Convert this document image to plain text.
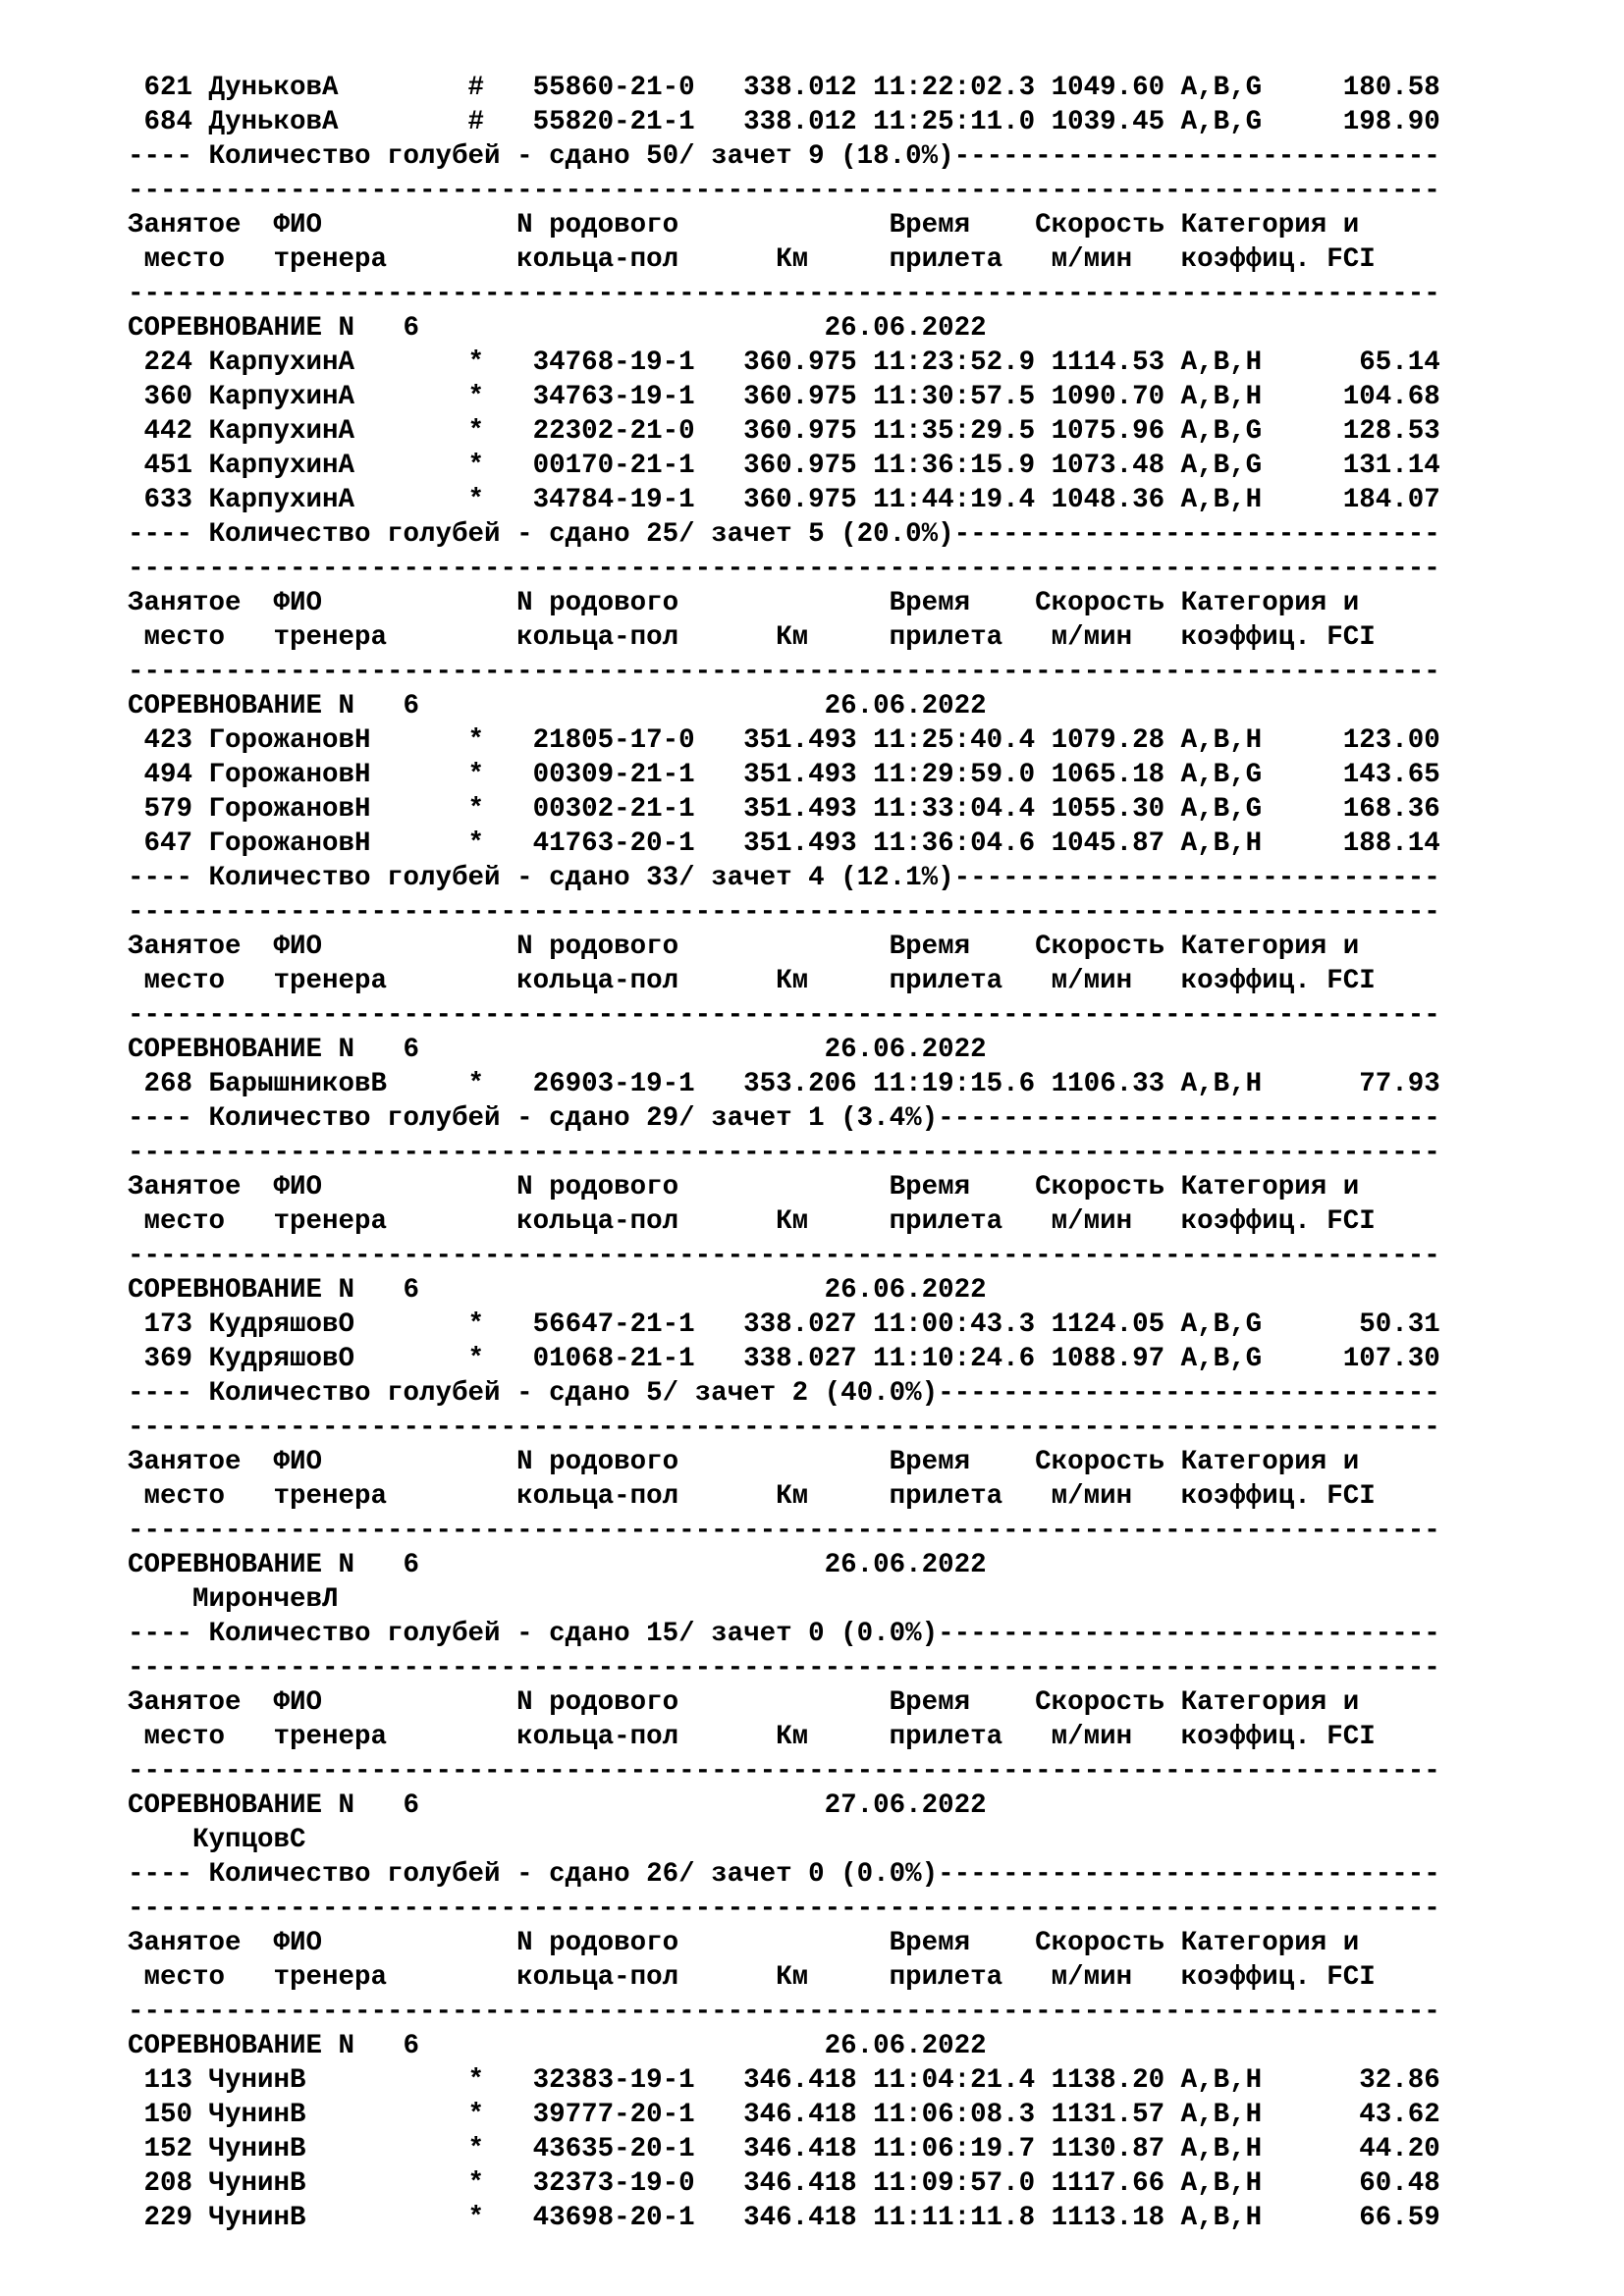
621 ДуньковА        #   55860-21-0   338.012 11:22:02.3 1049.60 A,B,G     180.58
684 ДуньковА        #   55820-21-1   338.012 11:25:11.0 1039.45 A,B,G     198.90
---- Количество голубей - сдано 50/ зачет 9 (18.0%)------------------------------
---------------------------------------------------------------------------------
Занятое  ФИО            N родового             Время    Скорость Категория и
место   тренера        кольца-пол      Км     прилета   м/мин   коэффиц. FCI
---------------------------------------------------------------------------------
СОРЕВНОВАНИЕ N   6                         26.06.2022
224 КарпухинА       *   34768-19-1   360.975 11:23:52.9 1114.53 A,B,H      65.14
360 КарпухинА       *   34763-19-1   360.975 11:30:57.5 1090.70 A,B,H     104.68
442 КарпухинА       *   22302-21-0   360.975 11:35:29.5 1075.96 A,B,G     128.53
451 КарпухинА       *   00170-21-1   360.975 11:36:15.9 1073.48 A,B,G     131.14
633 КарпухинА       *   34784-19-1   360.975 11:44:19.4 1048.36 A,B,H     184.07
---- Количество голубей - сдано 25/ зачет 5 (20.0%)------------------------------
---------------------------------------------------------------------------------
Занятое  ФИО            N родового             Время    Скорость Категория и
место   тренера        кольца-пол      Км     прилета   м/мин   коэффиц. FCI
---------------------------------------------------------------------------------
СОРЕВНОВАНИЕ N   6                         26.06.2022
423 ГорожановН      *   21805-17-0   351.493 11:25:40.4 1079.28 A,B,H     123.00
494 ГорожановН      *   00309-21-1   351.493 11:29:59.0 1065.18 A,B,G     143.65
579 ГорожановН      *   00302-21-1   351.493 11:33:04.4 1055.30 A,B,G     168.36
647 ГорожановН      *   41763-20-1   351.493 11:36:04.6 1045.87 A,B,H     188.14
---- Количество голубей - сдано 33/ зачет 4 (12.1%)------------------------------
---------------------------------------------------------------------------------
Занятое  ФИО            N родового             Время    Скорость Категория и
место   тренера        кольца-пол      Км     прилета   м/мин   коэффиц. FCI
---------------------------------------------------------------------------------
СОРЕВНОВАНИЕ N   6                         26.06.2022
268 БарышниковВ     *   26903-19-1   353.206 11:19:15.6 1106.33 A,B,H      77.93
---- Количество голубей - сдано 29/ зачет 1 (3.4%)-------------------------------
---------------------------------------------------------------------------------
Занятое  ФИО            N родового             Время    Скорость Категория и
место   тренера        кольца-пол      Км     прилета   м/мин   коэффиц. FCI
---------------------------------------------------------------------------------
СОРЕВНОВАНИЕ N   6                         26.06.2022
173 КудряшовО       *   56647-21-1   338.027 11:00:43.3 1124.05 A,B,G      50.31
369 КудряшовО       *   01068-21-1   338.027 11:10:24.6 1088.97 A,B,G     107.30
---- Количество голубей - сдано 5/ зачет 2 (40.0%)-------------------------------
---------------------------------------------------------------------------------
Занятое  ФИО            N родового             Время    Скорость Категория и
место   тренера        кольца-пол      Км     прилета   м/мин   коэффиц. FCI
---------------------------------------------------------------------------------
СОРЕВНОВАНИЕ N   6                         26.06.2022
МирончевЛ
---- Количество голубей - сдано 15/ зачет 0 (0.0%)-------------------------------
---------------------------------------------------------------------------------
Занятое  ФИО            N родового             Время    Скорость Категория и
место   тренера        кольца-пол      Км     прилета   м/мин   коэффиц. FCI
---------------------------------------------------------------------------------
СОРЕВНОВАНИЕ N   6                         27.06.2022
КупцовС
---- Количество голубей - сдано 26/ зачет 0 (0.0%)-------------------------------
---------------------------------------------------------------------------------
Занятое  ФИО            N родового             Время    Скорость Категория и
место   тренера        кольца-пол      Км     прилета   м/мин   коэффиц. FCI
---------------------------------------------------------------------------------
СОРЕВНОВАНИЕ N   6                         26.06.2022
113 ЧунинВ          *   32383-19-1   346.418 11:04:21.4 1138.20 A,B,H      32.86
150 ЧунинВ          *   39777-20-1   346.418 11:06:08.3 1131.57 A,B,H      43.62
152 ЧунинВ          *   43635-20-1   346.418 11:06:19.7 1130.87 A,B,H      44.20
208 ЧунинВ          *   32373-19-0   346.418 11:09:57.0 1117.66 A,B,H      60.48
229 ЧунинВ          *   43698-20-1   346.418 11:11:11.8 1113.18 A,B,H      66.59
